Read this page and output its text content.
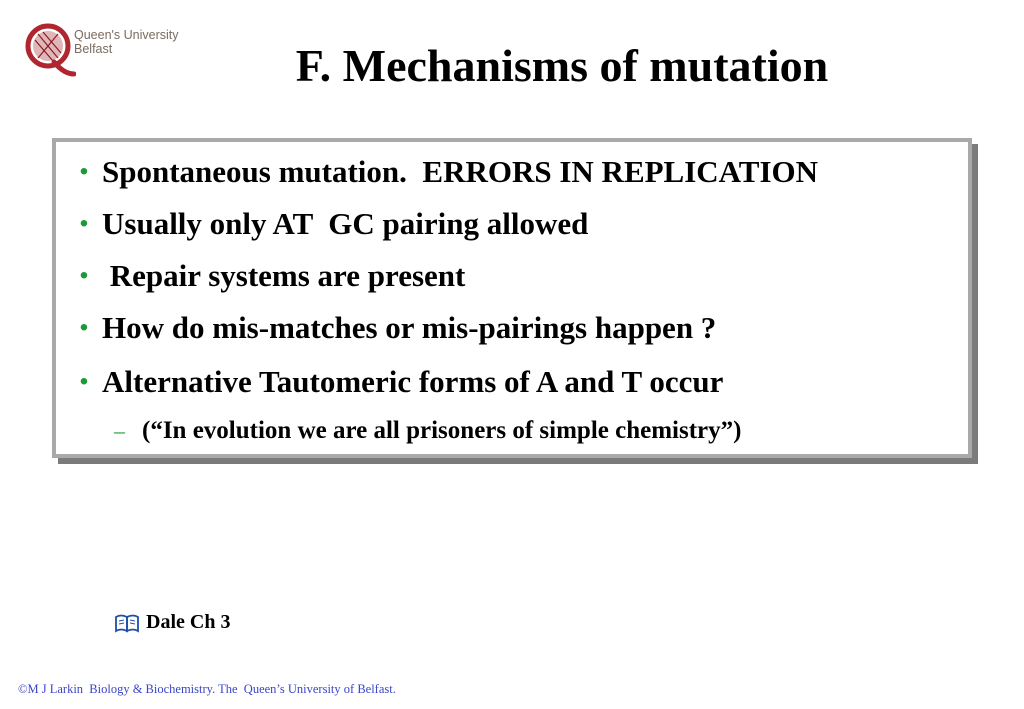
Queen's University
Belfast	F. Mechanisms of mutation
• Spontaneous mutation.  ERRORS IN REPLICATION
• Usually only AT  GC pairing allowed
• Repair systems are present
• How do mis-matches or mis-pairings happen ?
• Alternative Tautomeric forms of A and T occur
– (“In evolution we are all prisoners of simple chemistry”)
Dale Ch 3
©M J Larkin  Biology & Biochemistry. The  Queen’s University of Belfast.
